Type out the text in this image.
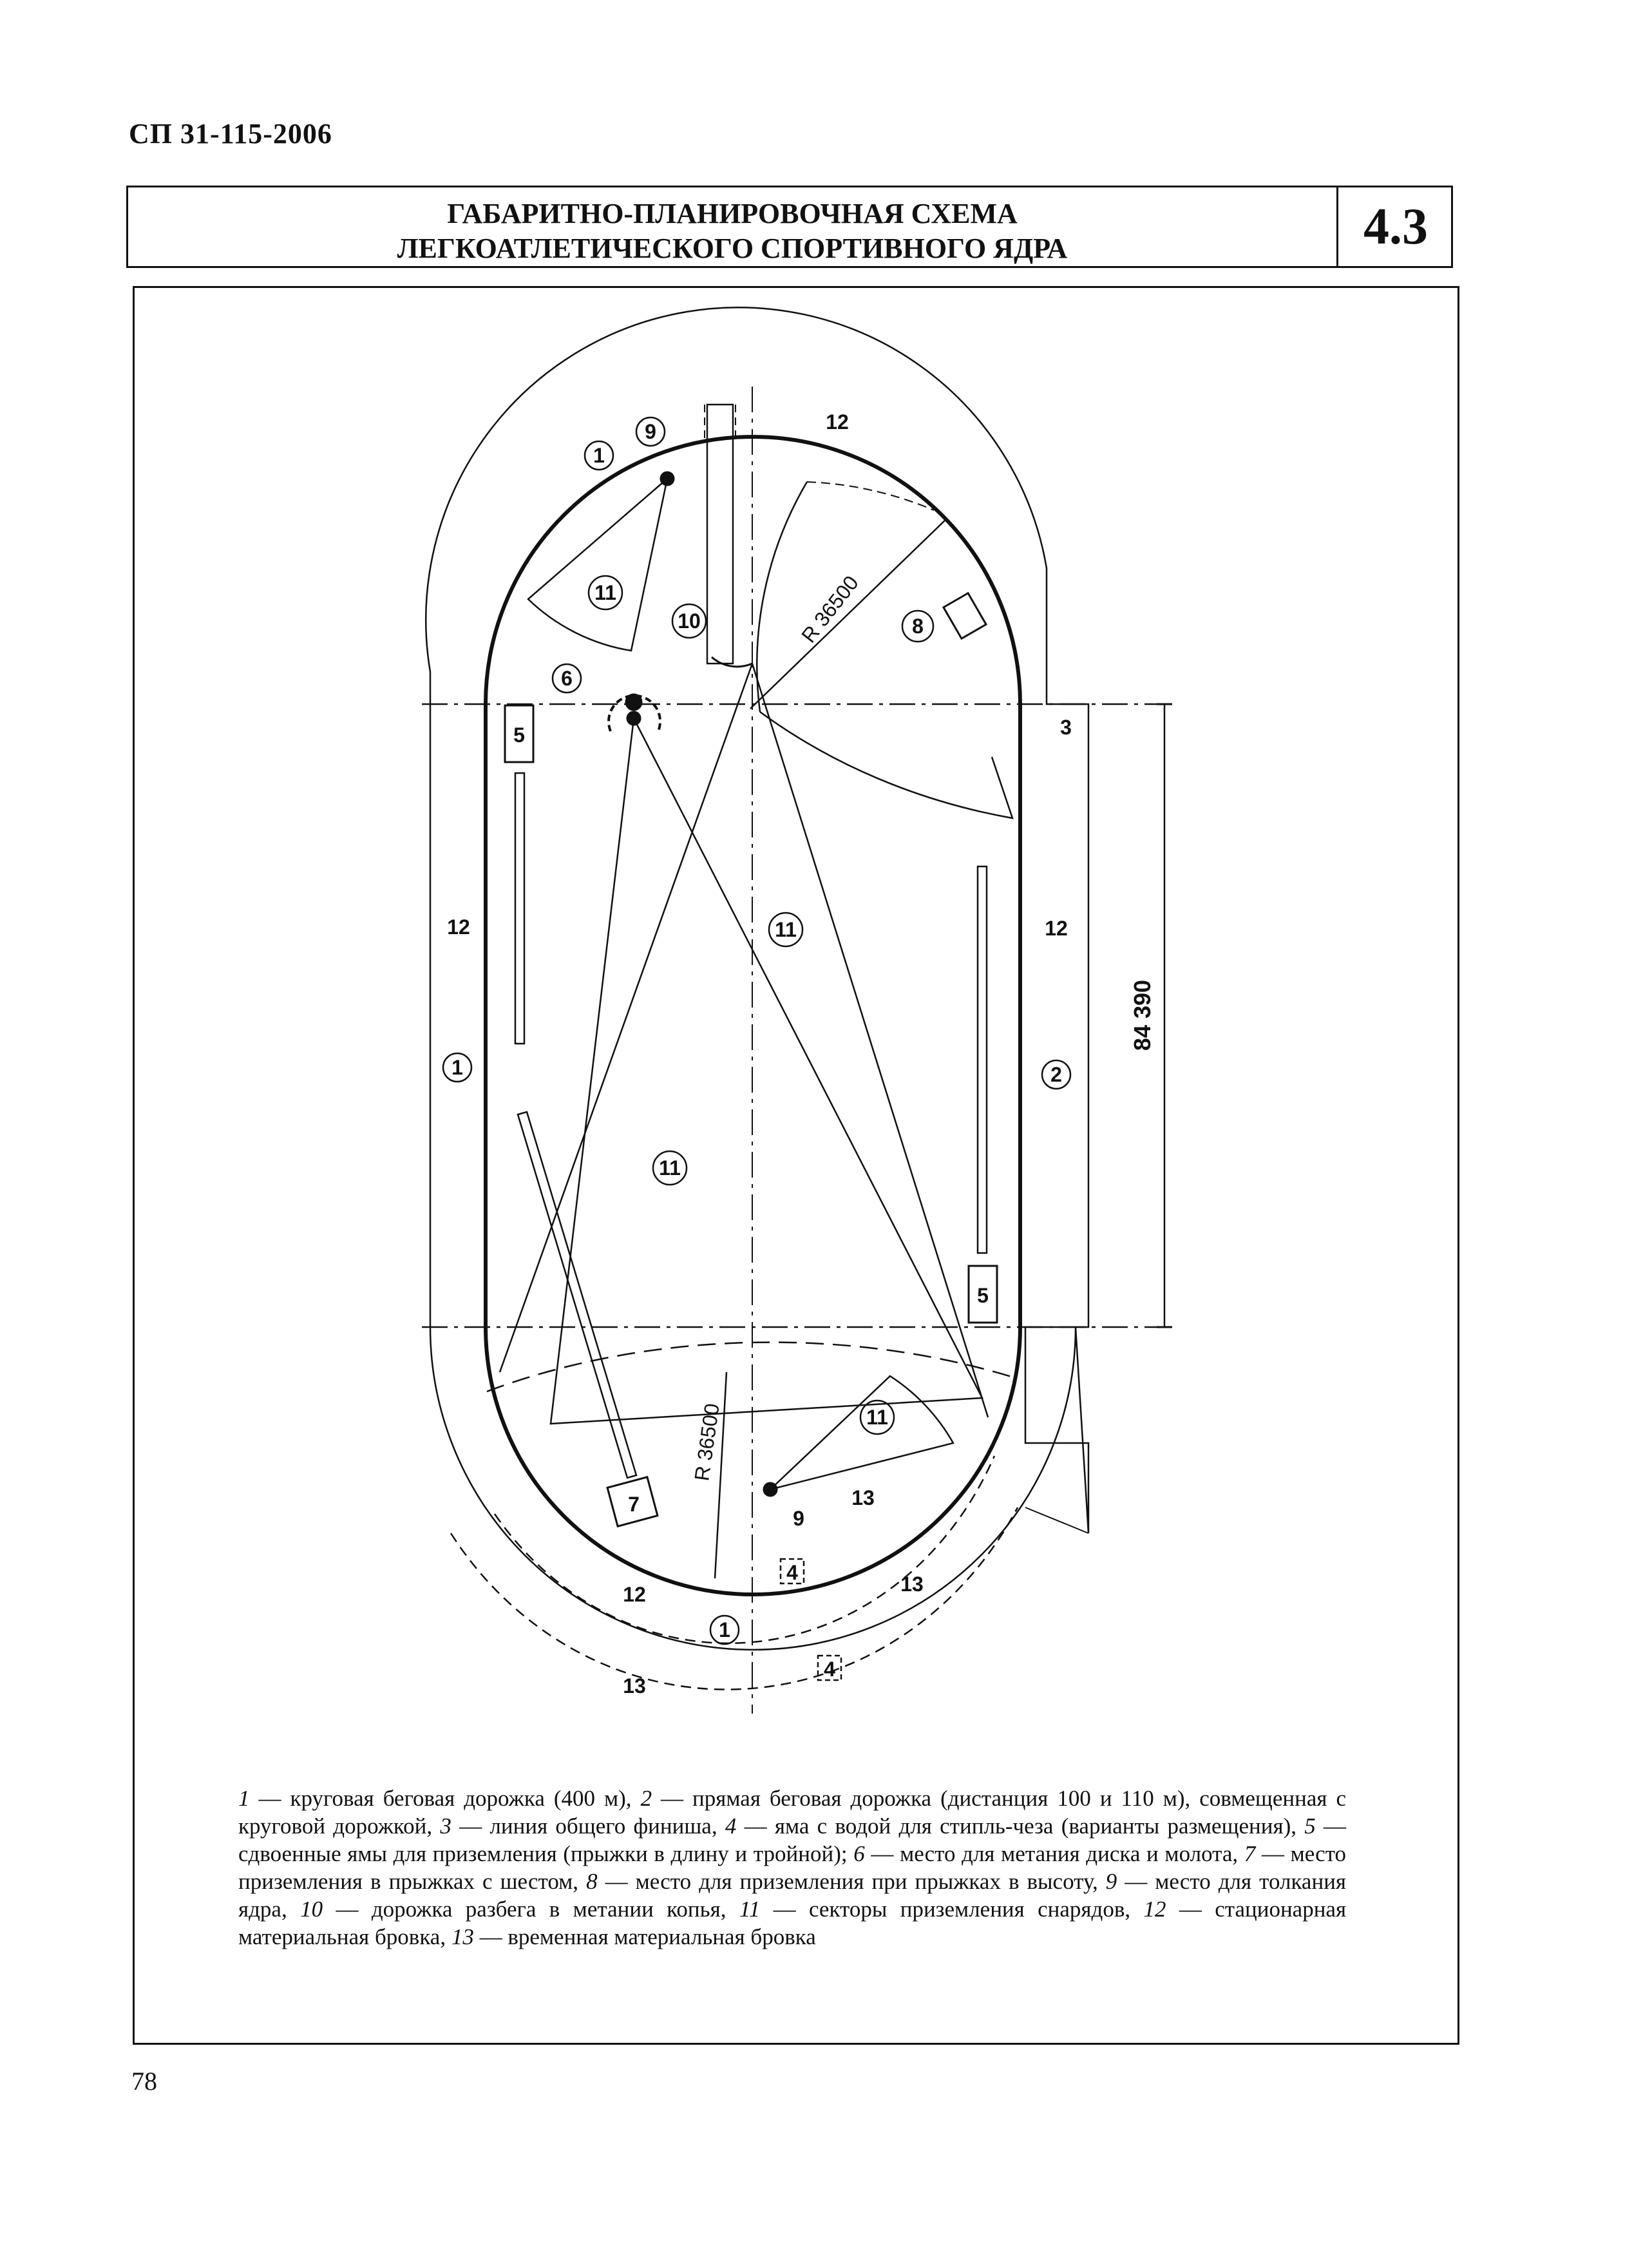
СП 31-115-2006
ГАБАРИТНО-ПЛАНИРОВОЧНАЯ СХЕМА
ЛЕГКОАТЛЕТИЧЕСКОГО СПОРТИВНОГО ЯДРА	4.3
1
9
11
10
6
8
11
11
11
1	2
1
5
5
3
7
9
12
12	12
12
13
13
13
4
4
R 36500
R 36500
84 390

1 — круговая беговая дорожка (400 м), 2 — прямая беговая дорожка (дистанция 100 и 110 м), совмещенная с круговой дорожкой, 3 — линия общего финиша, 4 — яма с водой для стипль-чеза (варианты размещения), 5 — сдвоенные ямы для приземления (прыжки в длину и тройной); 6 — место для метания диска и молота, 7 — место приземления в прыжках с шестом, 8 — место для приземления при прыжках в высоту, 9 — место для толкания ядра, 10 — дорожка разбега в метании копья, 11 — секторы приземления снарядов, 12 — стационарная материальная бровка, 13 — временная материальная бровка

78
